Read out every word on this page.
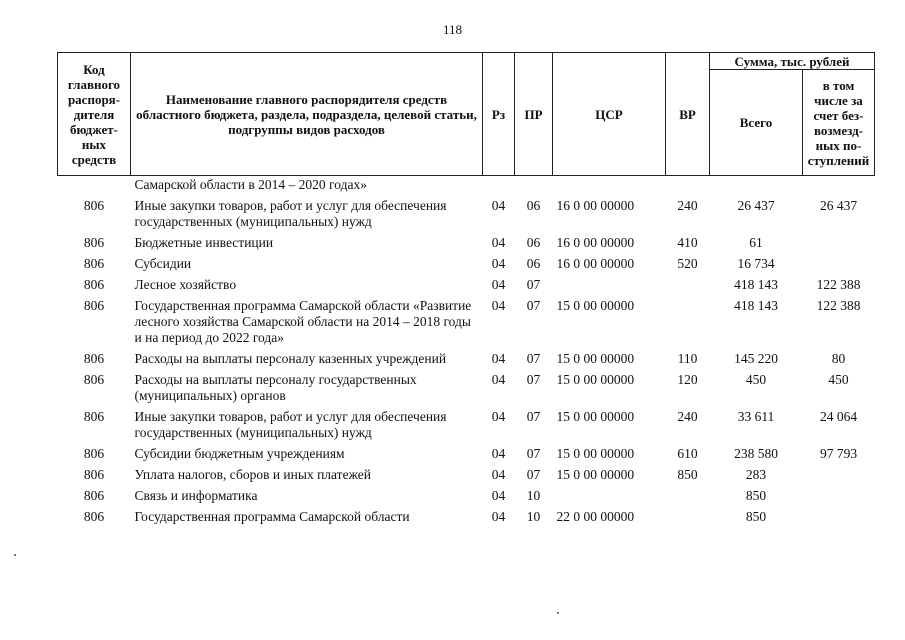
118
Код главного распоря-дителя бюджет-ных средств	Наименование главного распорядителя средств областного бюджета, раздела, подраздела, целевой статьи, подгруппы видов расходов	Рз	ПР	ЦСР	ВР	Сумма, тыс. рублей	
						Всего	в том числе за счет без-возмезд-ных по-ступлений
	Самарской области в 2014 – 2020 годах»						
806	Иные закупки товаров, работ и услуг для обеспечения государственных (муниципальных) нужд	04	06	16 0 00 00000	240	26 437	26 437
806	Бюджетные инвестиции	04	06	16 0 00 00000	410	61	
806	Субсидии	04	06	16 0 00 00000	520	16 734	
806	Лесное хозяйство	04	07			418 143	122 388
806	Государственная программа Самарской области «Развитие лесного хозяйства Самарской области на 2014 – 2018 годы и на период до 2022 года»	04	07	15 0 00 00000		418 143	122 388
806	Расходы на выплаты персоналу казенных учреждений	04	07	15 0 00 00000	110	145 220	80
806	Расходы на выплаты персоналу государственных (муниципальных) органов	04	07	15 0 00 00000	120	450	450
806	Иные закупки товаров, работ и услуг для обеспечения государственных (муниципальных) нужд	04	07	15 0 00 00000	240	33 611	24 064
806	Субсидии бюджетным учреждениям	04	07	15 0 00 00000	610	238 580	97 793
806	Уплата налогов, сборов и иных платежей	04	07	15 0 00 00000	850	283	
806	Связь и информатика	04	10			850	
806	Государственная программа Самарской области	04	10	22 0 00 00000		850	
